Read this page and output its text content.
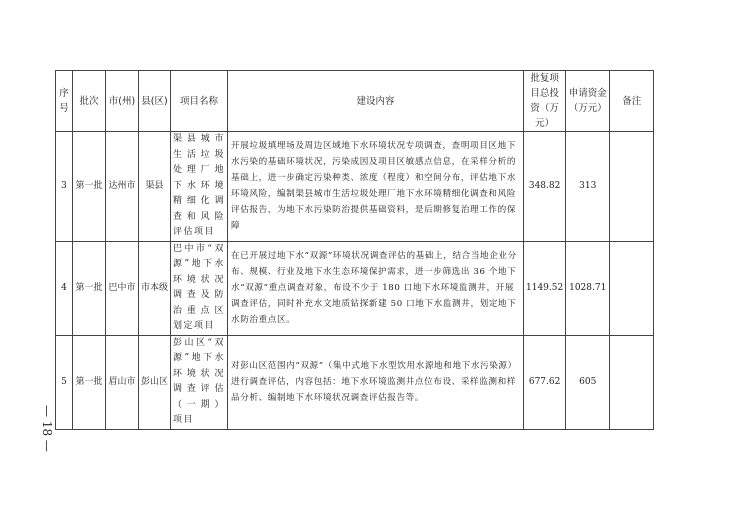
序号	批次	市(州)	县(区)	项目名称	建设内容	批复项目总投资（万元）	申请资金（万元）	备注
3	第一批	达州市	渠县	渠县城市生活垃圾处理厂地下水环境精细化调查和风险评估项目	开展垃圾填埋场及周边区域地下水环境状况专项调查，查明项目区地下水污染的基础环境状况，污染成因及项目区敏感点信息，在采样分析的基础上，进一步确定污染种类、浓度（程度）和空间分布，评估地下水环境风险，编制渠县城市生活垃圾处理厂地下水环境精细化调查和风险评估报告，为地下水污染防治提供基础资料，是后期修复治理工作的保障	348.82	313	
4	第一批	巴中市	市本级	巴中市“双源”地下水环境状况调查及防治重点区划定项目	在已开展过地下水“双源”环境状况调查评估的基础上，结合当地企业分布、规模、行业及地下水生态环境保护需求，进一步筛选出 36 个地下水“双源”重点调查对象，布设不少于 180 口地下水环境监测井，开展调查评估，同时补充水文地质钻探新建 50 口地下水监测井，划定地下水防治重点区。	1149.52	1028.71	
5	第一批	眉山市	彭山区	彭山区“双源”地下水环境状况调查评估（一期）项目	对彭山区范围内“双源”（集中式地下水型饮用水源地和地下水污染源）进行调查评估，内容包括：地下水环境监测井点位布设、采样监测和样品分析、编制地下水环境状况调查评估报告等。	677.62	605	
— 18 —
